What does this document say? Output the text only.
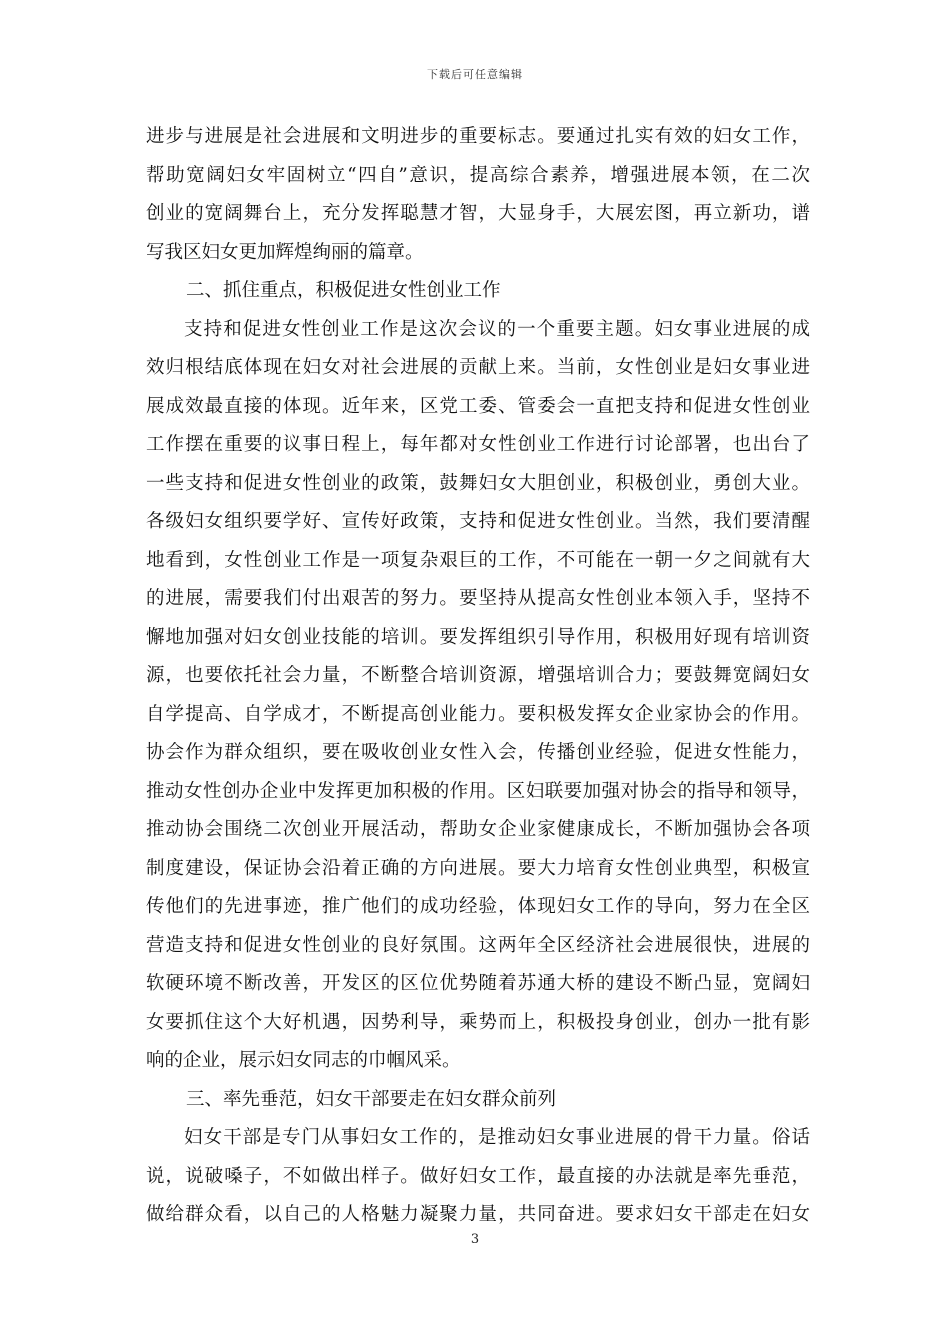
下载后可任意编辑
进步与进展是社会进展和文明进步的重要标志。要通过扎实有效的妇女工作，
帮助宽阔妇女牢固树立“四自”意识，提高综合素养，增强进展本领，在二次
创业的宽阔舞台上，充分发挥聪慧才智，大显身手，大展宏图，再立新功，谱
写我区妇女更加辉煌绚丽的篇章。
二、抓住重点，积极促进女性创业工作
支持和促进女性创业工作是这次会议的一个重要主题。妇女事业进展的成
效归根结底体现在妇女对社会进展的贡献上来。当前，女性创业是妇女事业进
展成效最直接的体现。近年来，区党工委、管委会一直把支持和促进女性创业
工作摆在重要的议事日程上，每年都对女性创业工作进行讨论部署，也出台了
一些支持和促进女性创业的政策，鼓舞妇女大胆创业，积极创业，勇创大业。
各级妇女组织要学好、宣传好政策，支持和促进女性创业。当然，我们要清醒
地看到，女性创业工作是一项复杂艰巨的工作，不可能在一朝一夕之间就有大
的进展，需要我们付出艰苦的努力。要坚持从提高女性创业本领入手，坚持不
懈地加强对妇女创业技能的培训。要发挥组织引导作用，积极用好现有培训资
源，也要依托社会力量，不断整合培训资源，增强培训合力；要鼓舞宽阔妇女
自学提高、自学成才，不断提高创业能力。要积极发挥女企业家协会的作用。
协会作为群众组织，要在吸收创业女性入会，传播创业经验，促进女性能力，
推动女性创办企业中发挥更加积极的作用。区妇联要加强对协会的指导和领导，
推动协会围绕二次创业开展活动，帮助女企业家健康成长，不断加强协会各项
制度建设，保证协会沿着正确的方向进展。要大力培育女性创业典型，积极宣
传他们的先进事迹，推广他们的成功经验，体现妇女工作的导向，努力在全区
营造支持和促进女性创业的良好氛围。这两年全区经济社会进展很快，进展的
软硬环境不断改善，开发区的区位优势随着苏通大桥的建设不断凸显，宽阔妇
女要抓住这个大好机遇，因势利导，乘势而上，积极投身创业，创办一批有影
响的企业，展示妇女同志的巾帼风采。
三、率先垂范，妇女干部要走在妇女群众前列
妇女干部是专门从事妇女工作的，是推动妇女事业进展的骨干力量。俗话
说，说破嗓子，不如做出样子。做好妇女工作，最直接的办法就是率先垂范，
做给群众看，以自己的人格魅力凝聚力量，共同奋进。要求妇女干部走在妇女
3
